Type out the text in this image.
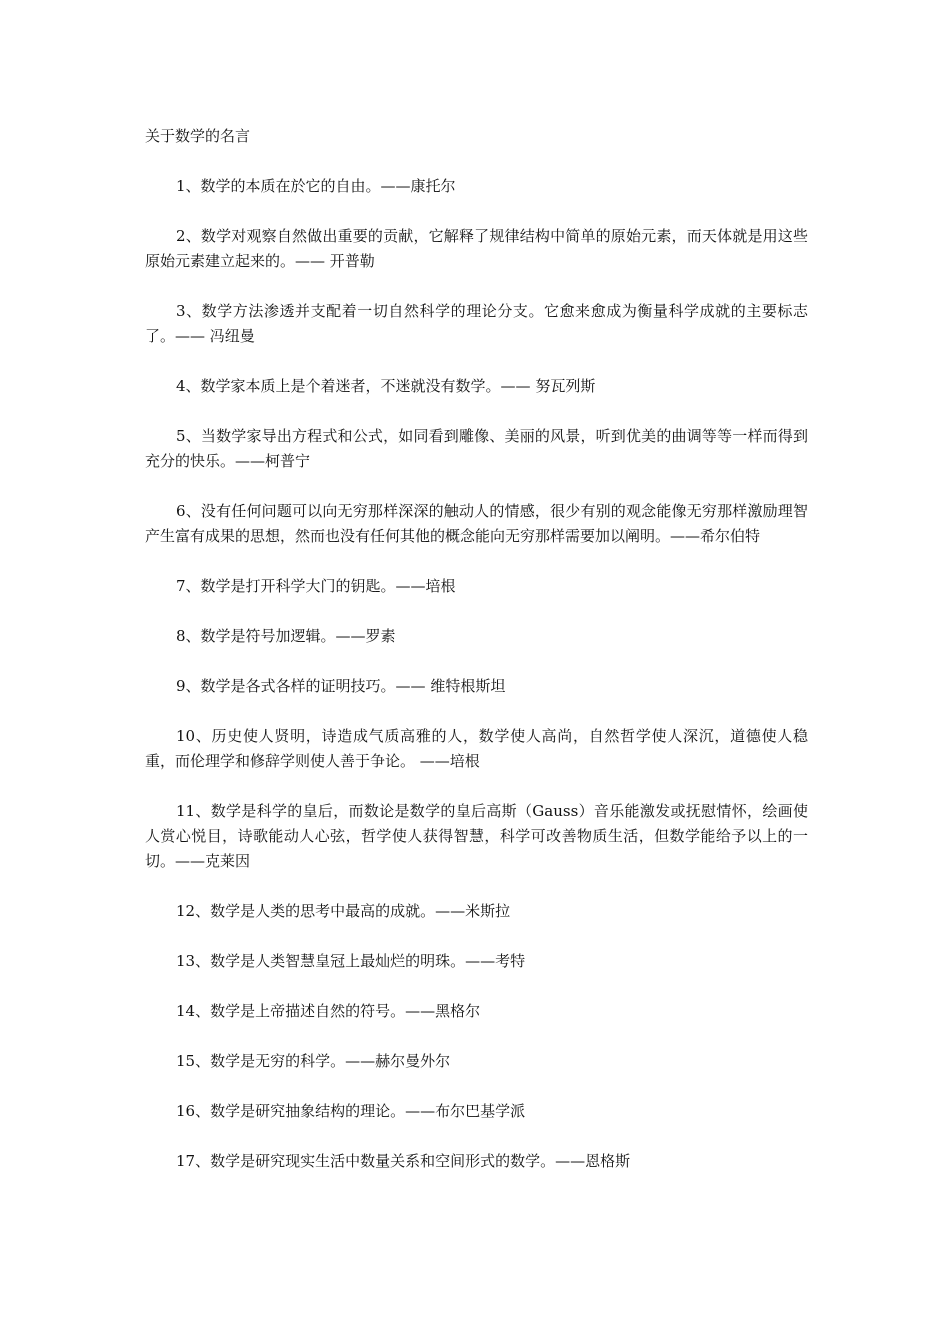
关于数学的名言

1、数学的本质在於它的自由。——康托尔

2、数学对观察自然做出重要的贡献，它解释了规律结构中简单的原始元素，而天体就是用这些原始元素建立起来的。—— 开普勒

3、数学方法渗透并支配着一切自然科学的理论分支。它愈来愈成为衡量科学成就的主要标志了。—— 冯纽曼

4、数学家本质上是个着迷者，不迷就没有数学。—— 努瓦列斯

5、当数学家导出方程式和公式，如同看到雕像、美丽的风景，听到优美的曲调等等一样而得到充分的快乐。——柯普宁

6、没有任何问题可以向无穷那样深深的触动人的情感，很少有别的观念能像无穷那样激励理智产生富有成果的思想，然而也没有任何其他的概念能向无穷那样需要加以阐明。——希尔伯特

7、数学是打开科学大门的钥匙。——培根

8、数学是符号加逻辑。——罗素

9、数学是各式各样的证明技巧。—— 维特根斯坦

10、历史使人贤明，诗造成气质高雅的人，数学使人高尚，自然哲学使人深沉，道德使人稳重，而伦理学和修辞学则使人善于争论。 ——培根

11、数学是科学的皇后，而数论是数学的皇后高斯（Gauss）音乐能激发或抚慰情怀，绘画使人赏心悦目，诗歌能动人心弦，哲学使人获得智慧，科学可改善物质生活，但数学能给予以上的一切。——克莱因

12、数学是人类的思考中最高的成就。——米斯拉

13、数学是人类智慧皇冠上最灿烂的明珠。——考特

14、数学是上帝描述自然的符号。——黑格尔

15、数学是无穷的科学。——赫尔曼外尔

16、数学是研究抽象结构的理论。——布尔巴基学派

17、数学是研究现实生活中数量关系和空间形式的数学。——恩格斯
